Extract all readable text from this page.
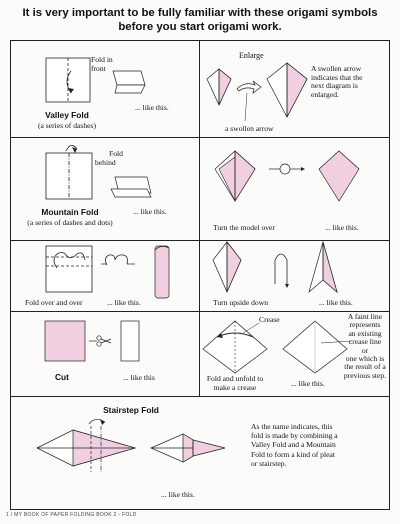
It is very important to be fully familiar with these origami symbols
before you start origami work.
Fold in
front
... like this.
Valley Fold
(a series of dashes)
Enlarge
a swollen arrow
A swollen arrow
indicates that the
next diagram is
enlarged.
Fold
behind
... like this.
Mountain Fold
(a series of dashes and dots)
Turn the model over	... like this.
Fold over and over	... like this.	Turn upside down	... like this.
Cut	... like this
Crease
Fold and unfold to
make a crease	... like this.
A faint line
represents
an existing
crease line
or
one which is
the result of a
previous step.
Stairstep Fold
... like this.
As the name indicates, this
fold is made by combining a
Valley Fold and a Mountain
Fold to form a kind of pleat
or stairstep.
1 / MY BOOK OF PAPER FOLDING BOOK 2 - FOLD
